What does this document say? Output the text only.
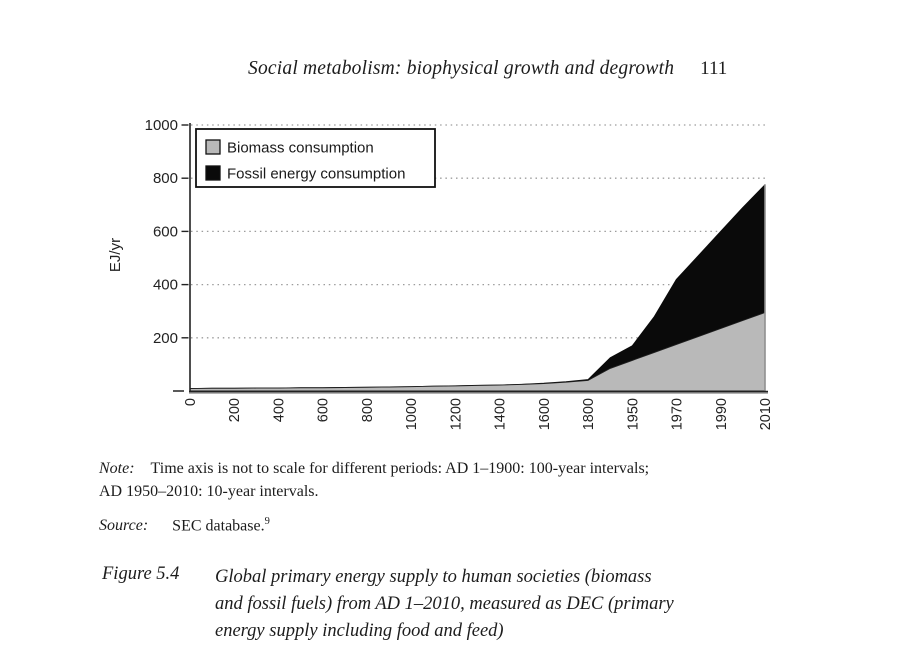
Social metabolism: biophysical growth and degrowth 111
200
400
600
800
1000
0 200 400 600 800 1000 1200 1400 1600 1800 1950 1970 1990 2010
EJ/yr
Biomass consumption
Fossil energy consumption
Note: Time axis is not to scale for different periods: AD 1–1900: 100-year intervals;
AD 1950–2010: 10-year intervals.
Source: SEC database.$^9$
Figure 5.4	Global primary energy supply to human societies (biomass
and fossil fuels) from AD 1–2010, measured as DEC (primary
energy supply including food and feed)
